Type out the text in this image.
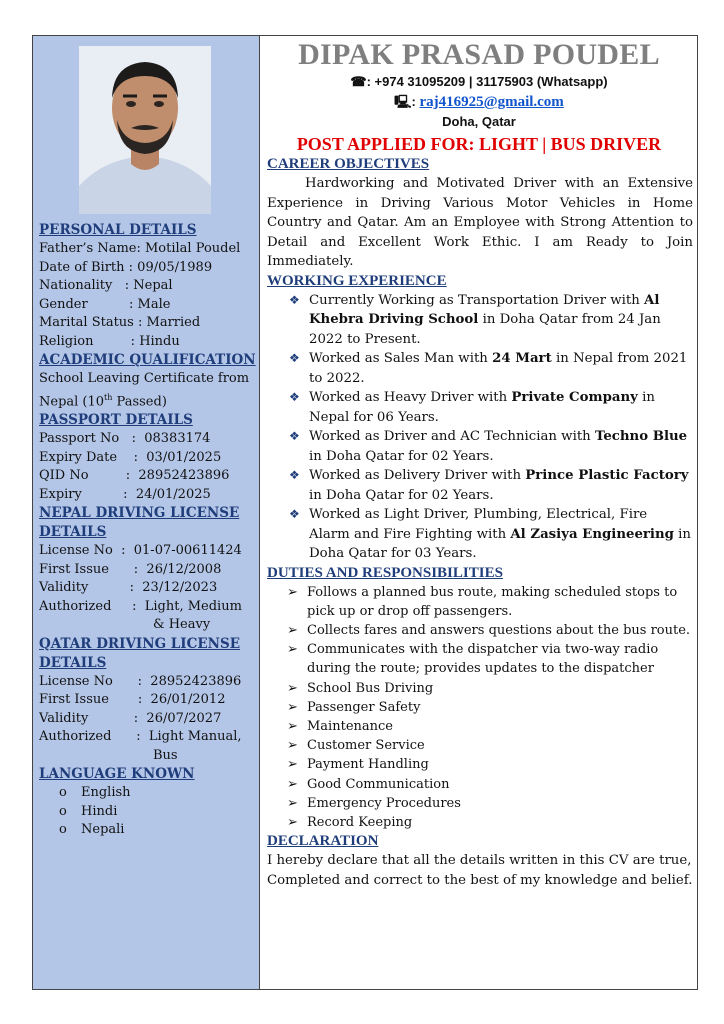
PERSONAL DETAILS
Father’s Name : Motilal Poudel
Date of Birth : 09/05/1989
Nationality : Nepal
Gender : Male
Marital Status : Married
Religion : Hindu
ACADEMIC QUALIFICATION
School Leaving Certificate from
Nepal (10th Passed)
PASSPORT DETAILS
Passport No : 08383174
Expiry Date : 03/01/2025
QID No : 28952423896
Expiry : 24/01/2025
NEPAL DRIVING LICENSE
DETAILS
License No : 01-07-00611424
First Issue : 26/12/2008
Validity : 23/12/2023
Authorized : Light, Medium
& Heavy
QATAR DRIVING LICENSE
DETAILS
License No : 28952423896
First Issue : 26/01/2012
Validity : 26/07/2027
Authorized : Light Manual,
Bus
LANGUAGE KNOWN
o	English
o	Hindi
o	Nepali
DIPAK PRASAD POUDEL
☎: +974 31095209 | 31175903 (Whatsapp)
🖳: raj416925@gmail.com
Doha, Qatar
POST APPLIED FOR: LIGHT | BUS DRIVER
CAREER OBJECTIVES
Hardworking and Motivated Driver with an Extensive Experience in Driving Various Motor Vehicles in Home Country and Qatar. Am an Employee with Strong Attention to Detail and Excellent Work Ethic. I am Ready to Join Immediately.
WORKING EXPERIENCE
❖ Currently Working as Transportation Driver with Al Khebra Driving School in Doha Qatar from 24 Jan 2022 to Present.
❖ Worked as Sales Man with 24 Mart in Nepal from 2021 to 2022.
❖ Worked as Heavy Driver with Private Company in Nepal for 06 Years.
❖ Worked as Driver and AC Technician with Techno Blue in Doha Qatar for 02 Years.
❖ Worked as Delivery Driver with Prince Plastic Factory in Doha Qatar for 02 Years.
❖ Worked as Light Driver, Plumbing, Electrical, Fire Alarm and Fire Fighting with Al Zasiya Engineering in Doha Qatar for 03 Years.
DUTIES AND RESPONSIBILITIES
➢ Follows a planned bus route, making scheduled stops to pick up or drop off passengers.
➢ Collects fares and answers questions about the bus route.
➢ Communicates with the dispatcher via two-way radio during the route; provides updates to the dispatcher
➢ School Bus Driving
➢ Passenger Safety
➢ Maintenance
➢ Customer Service
➢ Payment Handling
➢ Good Communication
➢ Emergency Procedures
➢ Record Keeping
DECLARATION
I hereby declare that all the details written in this CV are true, Completed and correct to the best of my knowledge and belief.
